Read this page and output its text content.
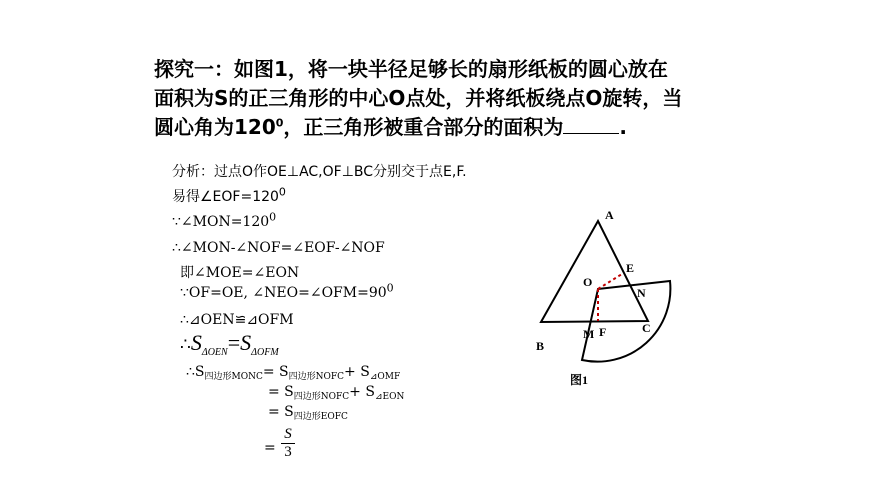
探究一：如图1，将一块半径足够长的扇形纸板的圆心放在
面积为S的正三角形的中心O点处，并将纸板绕点O旋转，当
圆心角为$120^0$，正三角形被重合部分的面积为	.
分析：过点O作OE⊥AC,OF⊥BC分别交于点E,F.
易得$\angle EOF=120^0$
$\because\angle MON=120^0$
∴∠MON-∠NOF=∠EOF-∠NOF
即∠MOE=∠EON
∵OF=OE, $\angle NEO=\angle OFM=90^0$
∴⊿OEN≌⊿OFM
$\therefore S_{\Delta OEN}=S_{\Delta OFM}$
$\therefore S_{四边形MONC}= S_{四边形NOFC}+ S_{⊿OMF}$
= $S_{四边形NOFC}+ S_{⊿EON}$
= $S_{四边形EOFC}$
= $\frac{S}{3}$
A
B
C
O
E
N
M F
图1
